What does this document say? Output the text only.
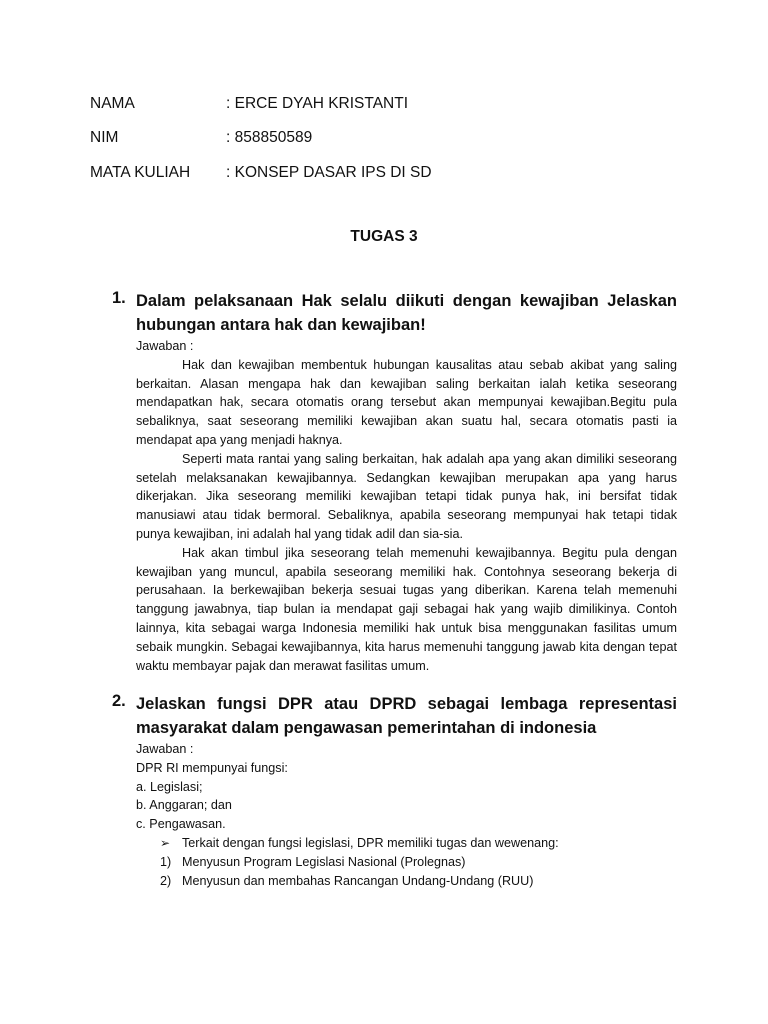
NAMA	: ERCE DYAH KRISTANTI
NIM	: 858850589
MATA KULIAH	: KONSEP DASAR IPS DI SD
TUGAS 3
1. Dalam pelaksanaan Hak selalu diikuti dengan kewajiban Jelaskan hubungan antara hak dan kewajiban!

Jawaban :

Hak dan kewajiban membentuk hubungan kausalitas atau sebab akibat yang saling berkaitan. Alasan mengapa hak dan kewajiban saling berkaitan ialah ketika seseorang mendapatkan hak, secara otomatis orang tersebut akan mempunyai kewajiban.Begitu pula sebaliknya, saat seseorang memiliki kewajiban akan suatu hal, secara otomatis pasti ia mendapat apa yang menjadi haknya.

Seperti mata rantai yang saling berkaitan, hak adalah apa yang akan dimiliki seseorang setelah melaksanakan kewajibannya. Sedangkan kewajiban merupakan apa yang harus dikerjakan. Jika seseorang memiliki kewajiban tetapi tidak punya hak, ini bersifat tidak manusiawi atau tidak bermoral. Sebaliknya, apabila seseorang mempunyai hak tetapi tidak punya kewajiban, ini adalah hal yang tidak adil dan sia-sia.

Hak akan timbul jika seseorang telah memenuhi kewajibannya. Begitu pula dengan kewajiban yang muncul, apabila seseorang memiliki hak. Contohnya seseorang bekerja di perusahaan. Ia berkewajiban bekerja sesuai tugas yang diberikan. Karena telah memenuhi tanggung jawabnya, tiap bulan ia mendapat gaji sebagai hak yang wajib dimilikinya. Contoh lainnya, kita sebagai warga Indonesia memiliki hak untuk bisa menggunakan fasilitas umum sebaik mungkin. Sebagai kewajibannya, kita harus memenuhi tanggung jawab kita dengan tepat waktu membayar pajak dan merawat fasilitas umum.

2. Jelaskan fungsi DPR atau DPRD sebagai lembaga representasi masyarakat dalam pengawasan pemerintahan di indonesia

Jawaban :

DPR RI mempunyai fungsi:

a. Legislasi;

b. Anggaran; dan

c. Pengawasan.

➢ Terkait dengan fungsi legislasi, DPR memiliki tugas dan wewenang:
1) Menyusun Program Legislasi Nasional (Prolegnas)
2) Menyusun dan membahas Rancangan Undang-Undang (RUU)
